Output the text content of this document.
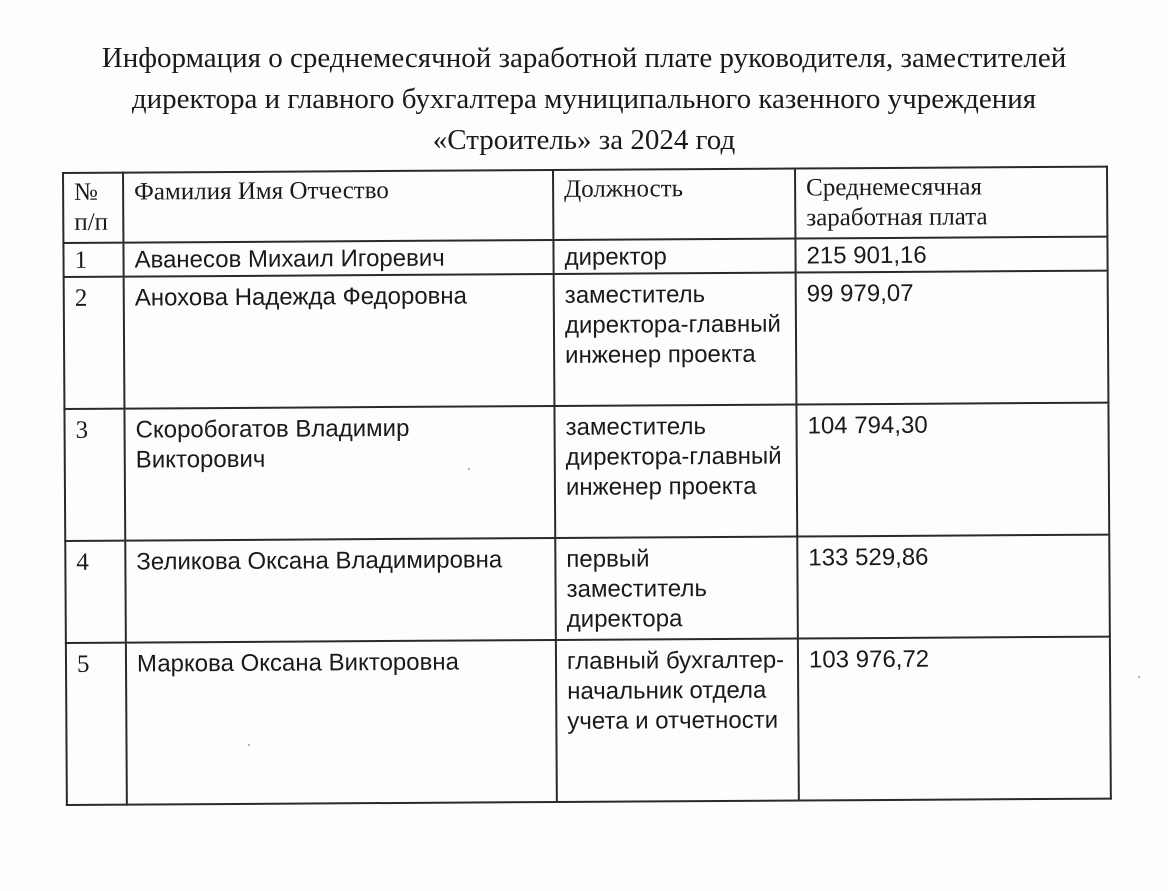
Информация о среднемесячной заработной плате руководителя, заместителей
директора и главного бухгалтера муниципального казенного учреждения
«Строитель» за 2024 год
№ п/п	Фамилия Имя Отчество	Должность	Среднемесячная заработная плата
1	Аванесов Михаил Игоревич	директор	215 901,16
2	Анохова Надежда Федоровна	заместитель директора-главный инженер проекта	99 979,07
3	Скоробогатов Владимир Викторович	заместитель директора-главный инженер проекта	104 794,30
4	Зеликова Оксана Владимировна	первый заместитель директора	133 529,86
5	Маркова Оксана Викторовна	главный бухгалтер-начальник отдела учета и отчетности	103 976,72
